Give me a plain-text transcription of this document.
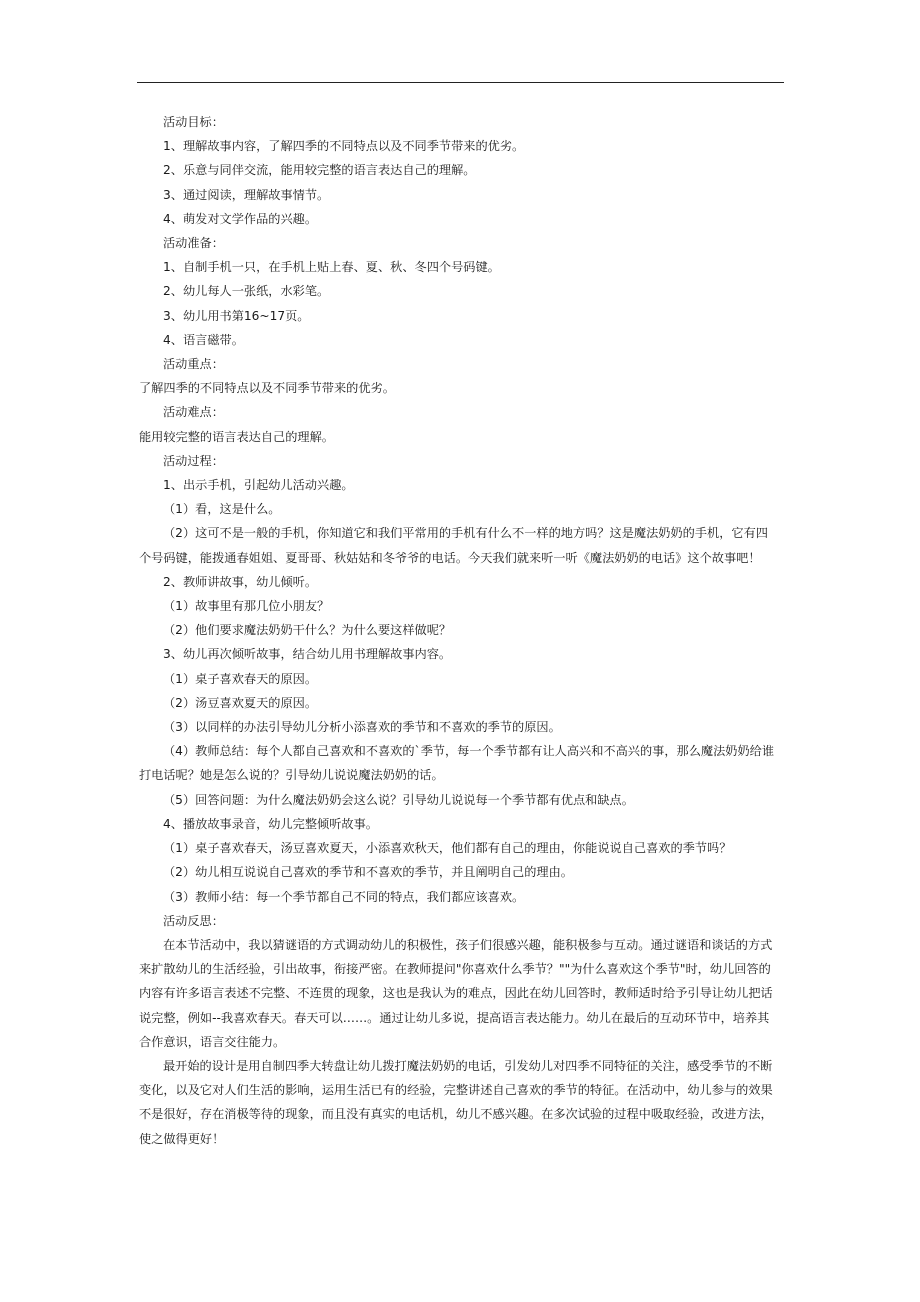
活动目标：
1、理解故事内容，了解四季的不同特点以及不同季节带来的优劣。
2、乐意与同伴交流，能用较完整的语言表达自己的理解。
3、通过阅读，理解故事情节。
4、萌发对文学作品的兴趣。
活动准备：
1、自制手机一只，在手机上贴上春、夏、秋、冬四个号码键。
2、幼儿每人一张纸，水彩笔。
3、幼儿用书第16~17页。
4、语言磁带。
活动重点：
了解四季的不同特点以及不同季节带来的优劣。
活动难点：
能用较完整的语言表达自己的理解。
活动过程：
1、出示手机，引起幼儿活动兴趣。
（1）看，这是什么。
（2）这可不是一般的手机，你知道它和我们平常用的手机有什么不一样的地方吗？这是魔法奶奶的手机，它有四
个号码键，能拨通春姐姐、夏哥哥、秋姑姑和冬爷爷的电话。今天我们就来听一听《魔法奶奶的电话》这个故事吧！
2、教师讲故事，幼儿倾听。
（1）故事里有那几位小朋友？
（2）他们要求魔法奶奶干什么？为什么要这样做呢？
3、幼儿再次倾听故事，结合幼儿用书理解故事内容。
（1）桌子喜欢春天的原因。
（2）汤豆喜欢夏天的原因。
（3）以同样的办法引导幼儿分析小添喜欢的季节和不喜欢的季节的原因。
（4）教师总结：每个人都自己喜欢和不喜欢的`季节，每一个季节都有让人高兴和不高兴的事，那么魔法奶奶给谁
打电话呢？她是怎么说的？引导幼儿说说魔法奶奶的话。
（5）回答问题：为什么魔法奶奶会这么说？引导幼儿说说每一个季节都有优点和缺点。
4、播放故事录音，幼儿完整倾听故事。
（1）桌子喜欢春天，汤豆喜欢夏天，小添喜欢秋天，他们都有自己的理由，你能说说自己喜欢的季节吗？
（2）幼儿相互说说自己喜欢的季节和不喜欢的季节，并且阐明自己的理由。
（3）教师小结：每一个季节都自己不同的特点，我们都应该喜欢。
活动反思：
在本节活动中，我以猜谜语的方式调动幼儿的积极性，孩子们很感兴趣，能积极参与互动。通过谜语和谈话的方式
来扩散幼儿的生活经验，引出故事，衔接严密。在教师提问"你喜欢什么季节？""为什么喜欢这个季节"时，幼儿回答的
内容有许多语言表述不完整、不连贯的现象，这也是我认为的难点，因此在幼儿回答时，教师适时给予引导让幼儿把话
说完整，例如--我喜欢春天。春天可以……。通过让幼儿多说，提高语言表达能力。幼儿在最后的互动环节中，培养其
合作意识，语言交往能力。
最开始的设计是用自制四季大转盘让幼儿拨打魔法奶奶的电话，引发幼儿对四季不同特征的关注，感受季节的不断
变化，以及它对人们生活的影响，运用生活已有的经验，完整讲述自己喜欢的季节的特征。在活动中，幼儿参与的效果
不是很好，存在消极等待的现象，而且没有真实的电话机，幼儿不感兴趣。在多次试验的过程中吸取经验，改进方法，
使之做得更好！
